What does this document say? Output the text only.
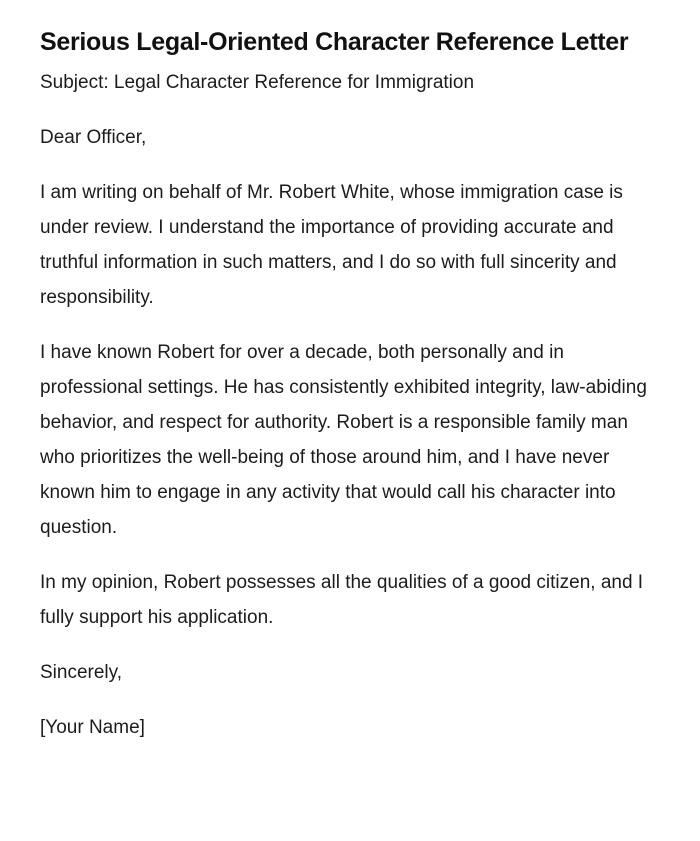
Serious Legal-Oriented Character Reference Letter

Subject: Legal Character Reference for Immigration

Dear Officer,

I am writing on behalf of Mr. Robert White, whose immigration case is under review. I understand the importance of providing accurate and truthful information in such matters, and I do so with full sincerity and responsibility.

I have known Robert for over a decade, both personally and in professional settings. He has consistently exhibited integrity, law-abiding behavior, and respect for authority. Robert is a responsible family man who prioritizes the well-being of those around him, and I have never known him to engage in any activity that would call his character into question.

In my opinion, Robert possesses all the qualities of a good citizen, and I fully support his application.

Sincerely,

[Your Name]
